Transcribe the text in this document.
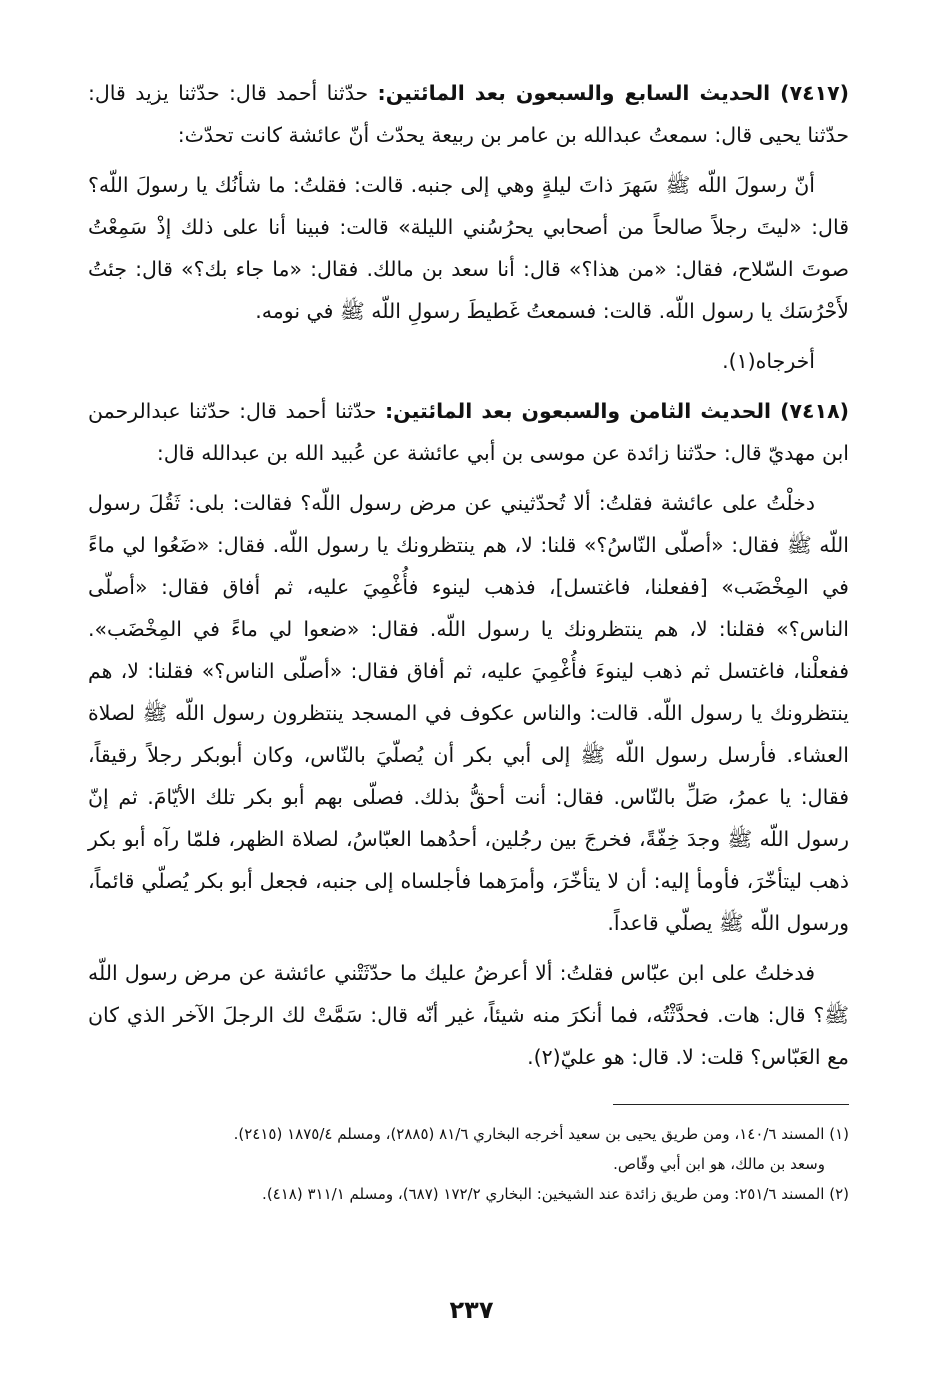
(٧٤١٧) الحديث السابع والسبعون بعد المائتين: حدّثنا أحمد قال: حدّثنا يزيد قال: حدّثنا يحيى قال: سمعتُ عبدالله بن عامر بن ربيعة يحدّث أنّ عائشة كانت تحدّث:

أنّ رسولَ اللّه ﷺ سَهرَ ذاتَ ليلةٍ وهي إلى جنبه. قالت: فقلتُ: ما شأنُك يا رسولَ اللّه؟ قال: «ليتَ رجلاً صالحاً من أصحابي يحرُسُني الليلة» قالت: فبينا أنا على ذلك إذْ سَمِعْتُ صوتَ السّلاح، فقال: «من هذا؟» قال: أنا سعد بن مالك. فقال: «ما جاء بك؟» قال: جئتُ لأَحْرُسَك يا رسول اللّه. قالت: فسمعتُ غَطيطَ رسولِ اللّه ﷺ في نومه.

أخرجاه(١).

(٧٤١٨) الحديث الثامن والسبعون بعد المائتين: حدّثنا أحمد قال: حدّثنا عبدالرحمن ابن مهديّ قال: حدّثنا زائدة عن موسى بن أبي عائشة عن عُبيد الله بن عبدالله قال:

دخلْتُ على عائشة فقلتُ: ألا تُحدّثيني عن مرض رسول اللّه؟ فقالت: بلى: ثَقُلَ رسول اللّه ﷺ فقال: «أصلّى النّاسُ؟» قلنا: لا، هم ينتظرونك يا رسول اللّه. فقال: «ضَعُوا لي ماءً في المِخْضَب» [ففعلنا، فاغتسل]، فذهب لينوء فأُغْمِيَ عليه، ثم أفاق فقال: «أصلّى الناس؟» فقلنا: لا، هم ينتظرونك يا رسول اللّه. فقال: «ضعوا لي ماءً في المِخْضَب». ففعلْنا، فاغتسل ثم ذهب لينوءَ فأُغْمِيَ عليه، ثم أفاق فقال: «أصلّى الناس؟» فقلنا: لا، هم ينتظرونك يا رسول اللّه. قالت: والناس عكوف في المسجد ينتظرون رسول اللّه ﷺ لصلاة العشاء. فأرسل رسول اللّه ﷺ إلى أبي بكر أن يُصلّيَ بالنّاس، وكان أبوبكر رجلاً رقيقاً، فقال: يا عمرُ، صَلِّ بالنّاس. فقال: أنت أحقُّ بذلك. فصلّى بهم أبو بكر تلك الأيّامَ. ثم إنّ رسول اللّه ﷺ وجدَ خِفّةً، فخرجَ بين رجُلين، أحدُهما العبّاسُ، لصلاة الظهر، فلمّا رآه أبو بكر ذهب ليتأخّرَ، فأومأ إليه: أن لا يتأخّرَ، وأمرَهما فأجلساه إلى جنبه، فجعل أبو بكر يُصلّي قائماً، ورسول اللّه ﷺ يصلّي قاعداً.

فدخلتُ على ابن عبّاس فقلتُ: ألا أعرضُ عليك ما حدّثَتْني عائشة عن مرض رسول اللّه ﷺ؟ قال: هات. فحدَّثْتُه، فما أنكرَ منه شيئاً، غير أنّه قال: سَمَّتْ لك الرجلَ الآخر الذي كان مع العَبّاس؟ قلت: لا. قال: هو عليّ(٢).

(١) المسند ١٤٠/٦، ومن طريق يحيى بن سعيد أخرجه البخاري ٨١/٦ (٢٨٨٥)، ومسلم ١٨٧٥/٤ (٢٤١٥).

وسعد بن مالك، هو ابن أبي وقّاص.

(٢) المسند ٢٥١/٦: ومن طريق زائدة عند الشيخين: البخاري ١٧٢/٢ (٦٨٧)، ومسلم ٣١١/١ (٤١٨).

٢٣٧
